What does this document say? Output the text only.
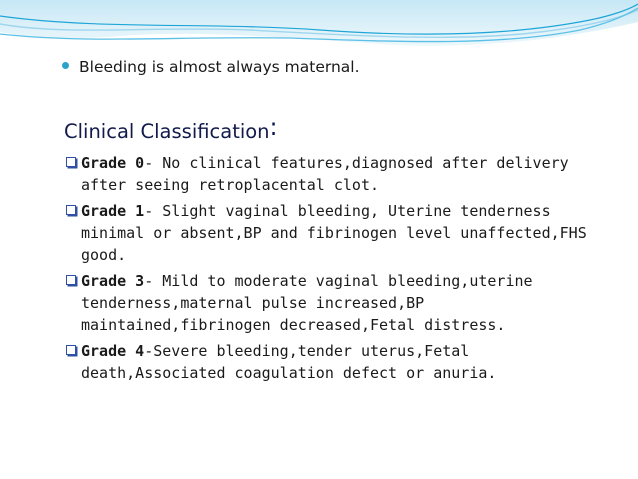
Bleeding is almost always maternal.
Clinical Classification:
Grade 0- No clinical features,diagnosed after delivery after seeing retroplacental clot.
Grade 1- Slight vaginal bleeding, Uterine tenderness minimal or absent,BP and fibrinogen level unaffected,FHS good.
Grade 3- Mild to moderate vaginal bleeding,uterine tenderness,maternal pulse increased,BP maintained,fibrinogen decreased,Fetal distress.
Grade 4-Severe bleeding,tender uterus,Fetal death,Associated coagulation defect or anuria.
